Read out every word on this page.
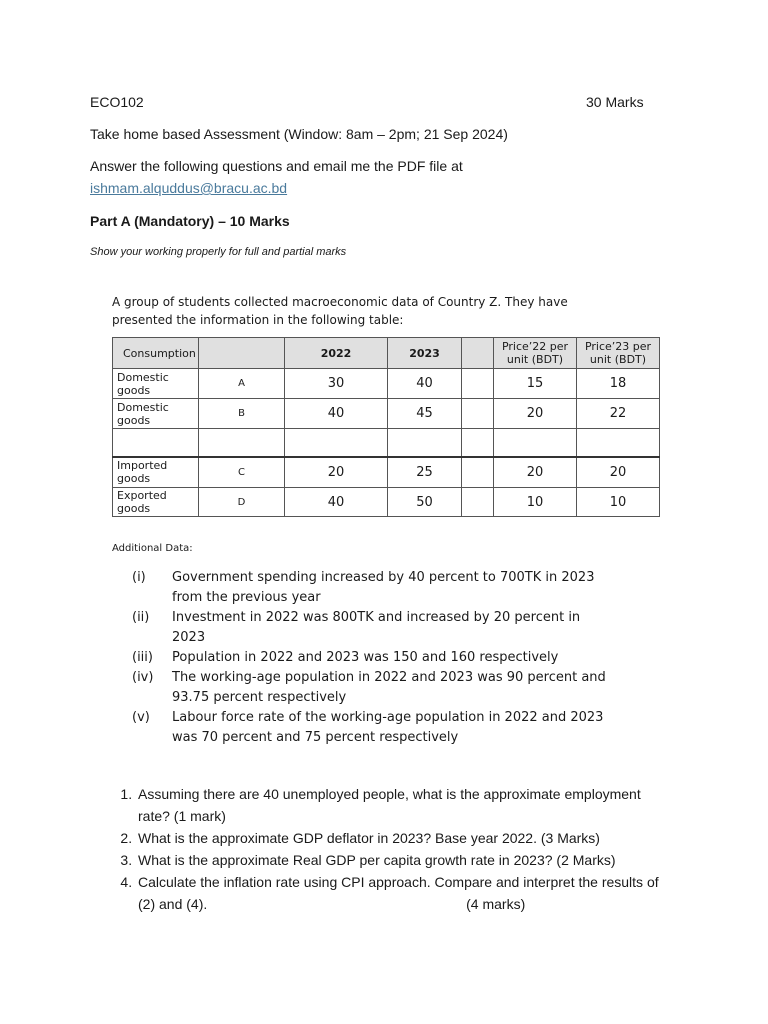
ECO102	30 Marks

Take home based Assessment (Window: 8am – 2pm; 21 Sep 2024)

Answer the following questions and email me the PDF file at

ishmam.alquddus@bracu.ac.bd

Part A (Mandatory) – 10 Marks

Show your working properly for full and partial marks

A group of students collected macroeconomic data of Country Z. They have presented the information in the following table:

Consumption		2022	2023		Price’22 per unit (BDT)	Price’23 per unit (BDT)
Domestic goods	A	30	40		15	18
Domestic goods	B	40	45		20	22

Imported goods	C	20	25		20	20
Exported goods	D	40	50		10	10

Additional Data:

(i) Government spending increased by 40 percent to 700TK in 2023 from the previous year
(ii) Investment in 2022 was 800TK and increased by 20 percent in 2023
(iii) Population in 2022 and 2023 was 150 and 160 respectively
(iv) The working-age population in 2022 and 2023 was 90 percent and 93.75 percent respectively
(v) Labour force rate of the working-age population in 2022 and 2023 was 70 percent and 75 percent respectively
1. Assuming there are 40 unemployed people, what is the approximate employment rate? (1 mark)
2. What is the approximate GDP deflator in 2023? Base year 2022. (3 Marks)
3. What is the approximate Real GDP per capita growth rate in 2023? (2 Marks)
4. Calculate the inflation rate using CPI approach. Compare and interpret the results of (2) and (4).	(4 marks)
